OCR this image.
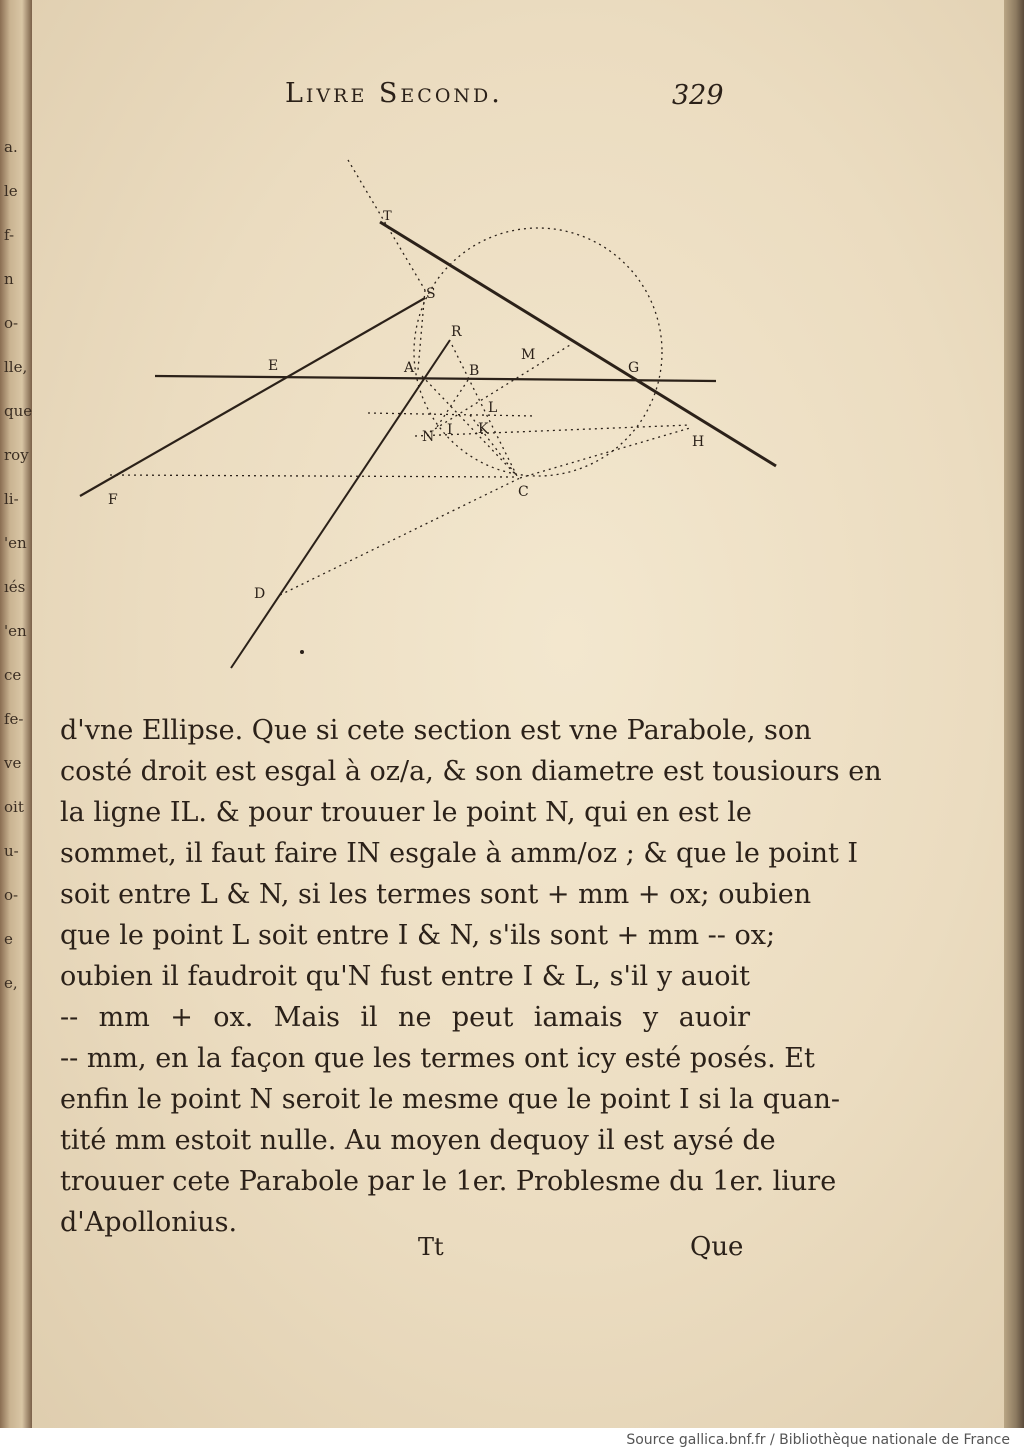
a.
le
f-
n
o-
lle,
que
roy
li-
'en
ıés
'en
ce
fe-
ve
oit
u-
o-
e
e,
Livre Second.	329
T
S
R
E	A	B
M
G
L
N I K
H
C
F
D
d'vne Ellipse. Que si cete section est vne Parabole, son
costé droit est esgal à oz/a, & son diametre est tousiours en
la ligne IL. & pour trouuer le point N, qui en est le
sommet, il faut faire IN esgale à amm/oz ; & que le point I
soit entre L & N, si les termes sont + mm + ox; oubien
que le point L soit entre I & N, s'ils sont + mm -- ox;
oubien il faudroit qu'N fust entre I & L, s'il y auoit
-- mm + ox. Mais il ne peut iamais y auoir
-- mm, en la façon que les termes ont icy esté posés. Et
enfin le point N seroit le mesme que le point I si la quan-
tité mm estoit nulle. Au moyen dequoy il est aysé de
trouuer cete Parabole par le 1er. Problesme du 1er. liure
d'Apollonius.
Tt	Que
Source gallica.bnf.fr / Bibliothèque nationale de France
